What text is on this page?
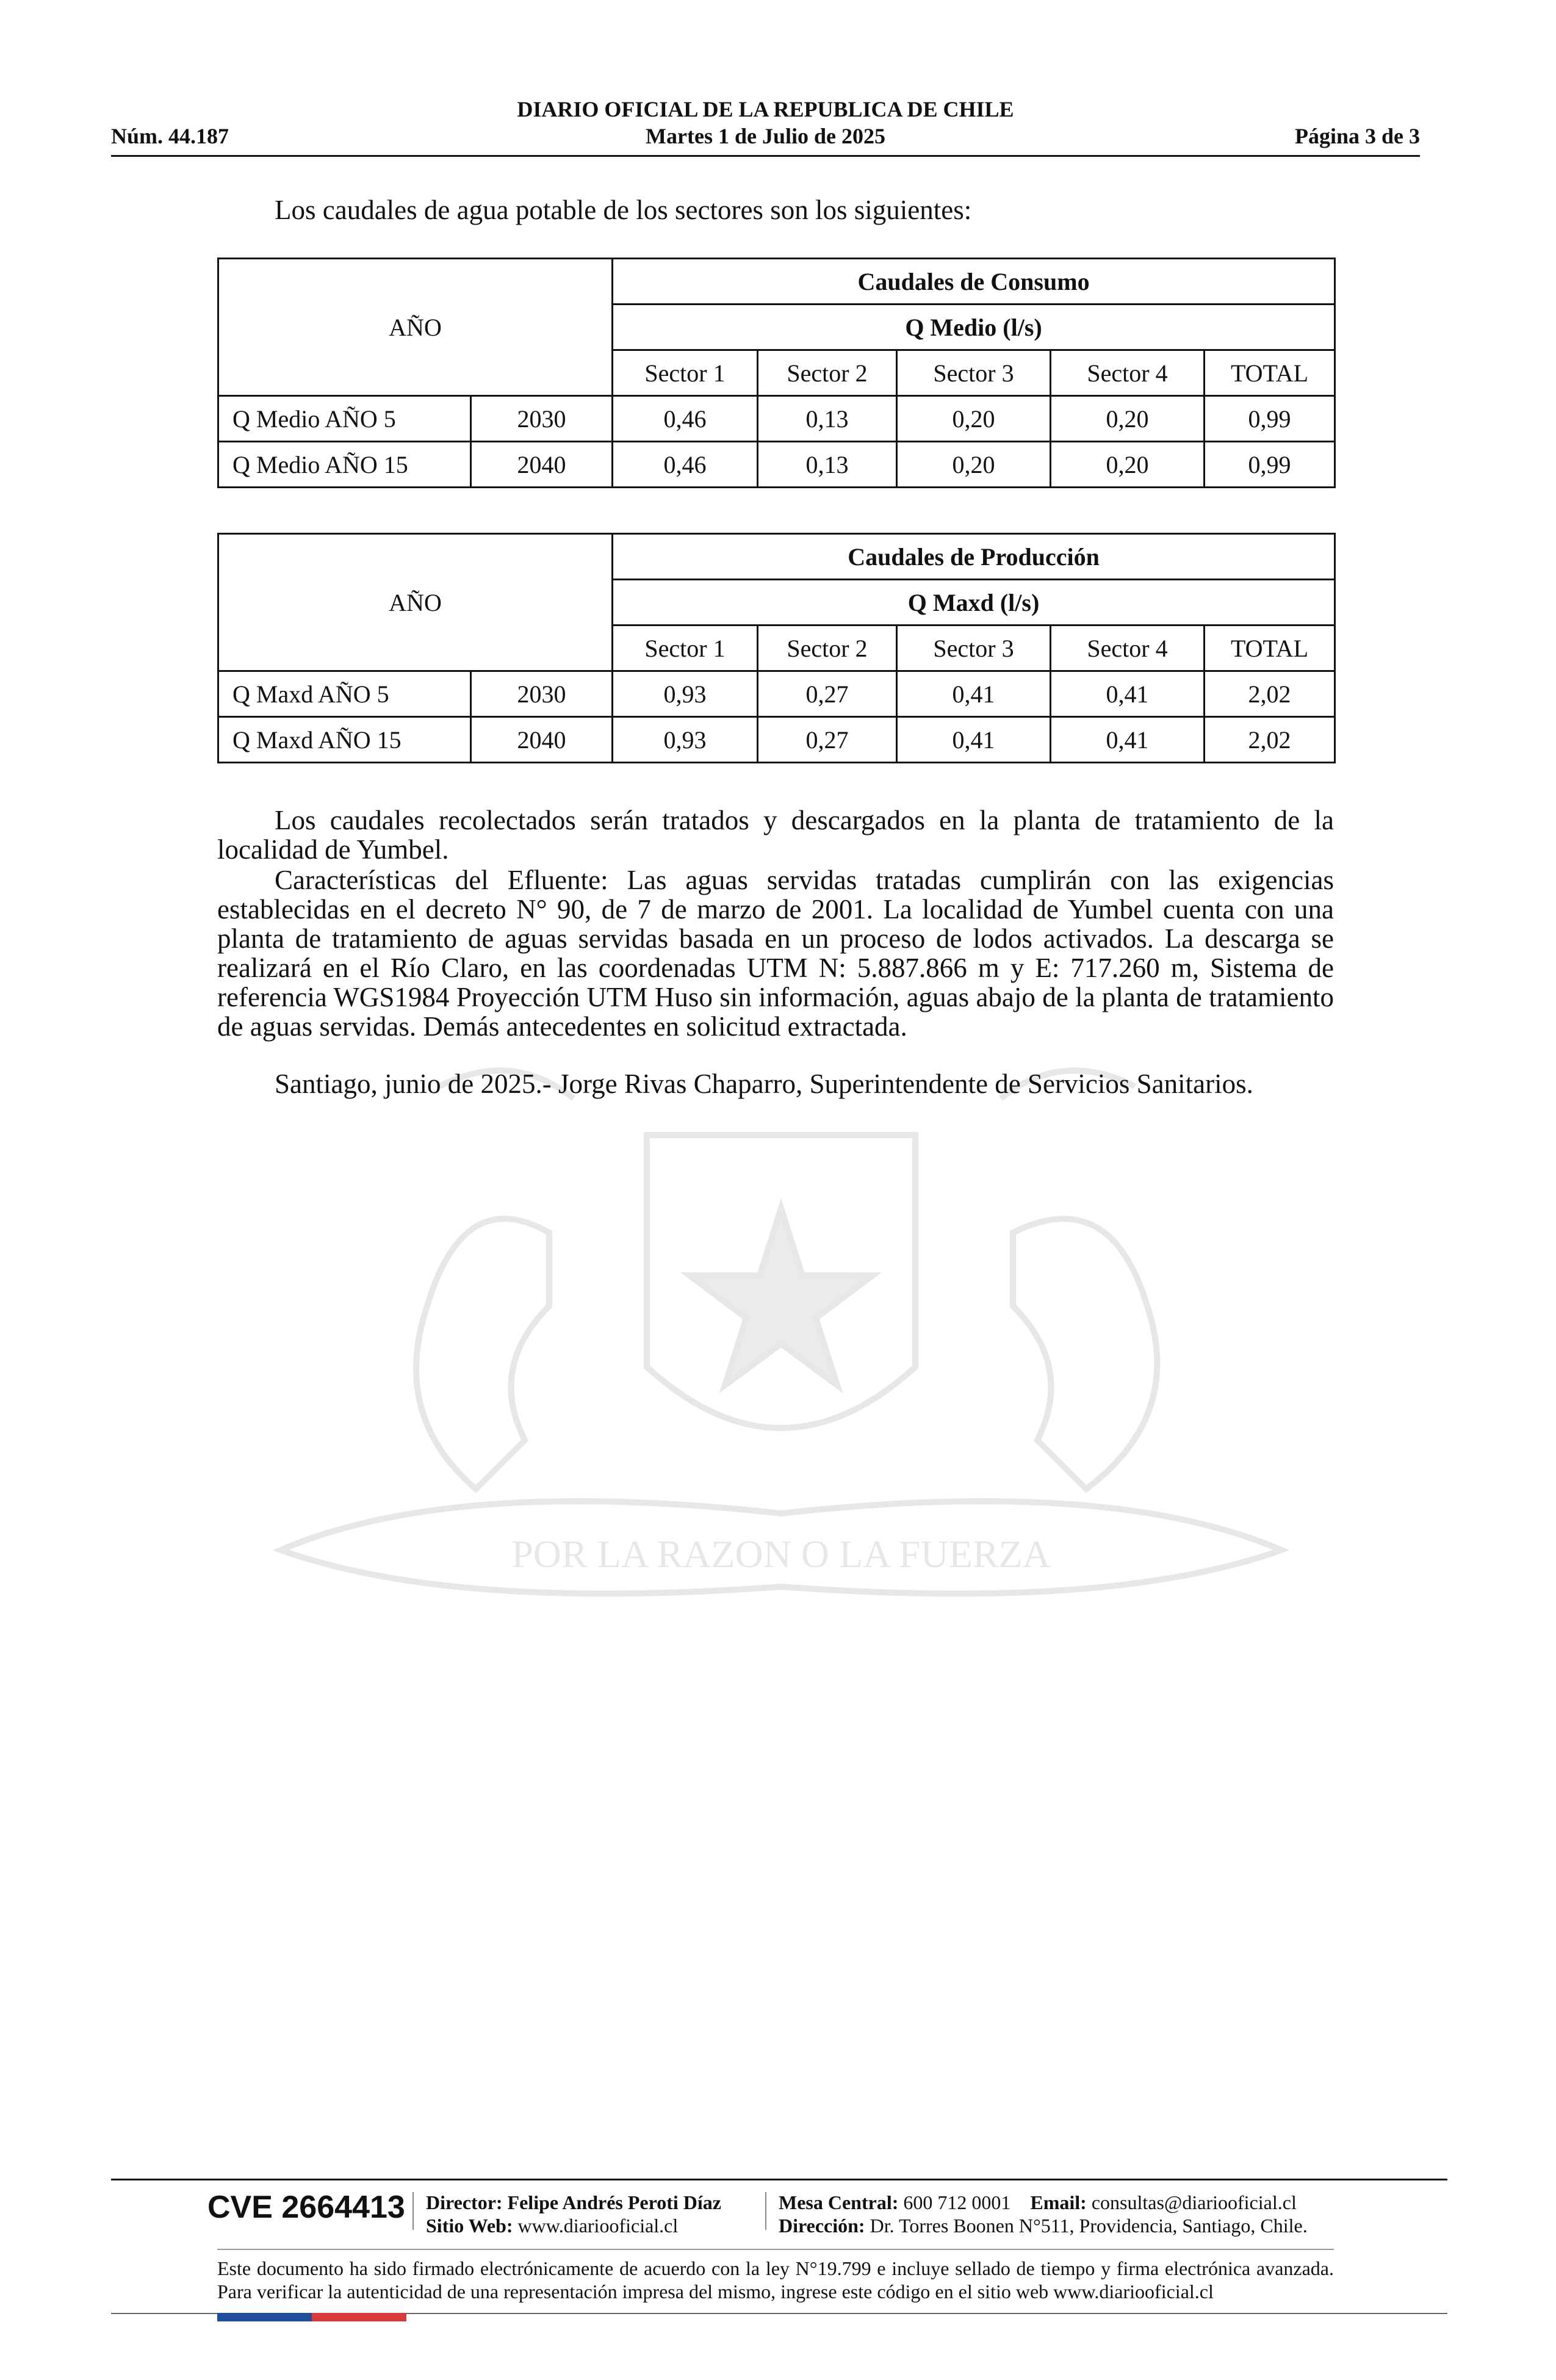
POR LA RAZON O LA FUERZA
DIARIO OFICIAL DE LA REPUBLICA DE CHILE
Núm. 44.187	Martes 1 de Julio de 2025	Página 3 de 3
Los caudales de agua potable de los sectores son los siguientes:
AÑO		Caudales de Consumo				
		Q Medio (l/s)				
		Sector 1	Sector 2	Sector 3	Sector 4	TOTAL
Q Medio AÑO 5	2030	0,46	0,13	0,20	0,20	0,99
Q Medio AÑO 15	2040	0,46	0,13	0,20	0,20	0,99
AÑO		Caudales de Producción				
		Q Maxd (l/s)				
		Sector 1	Sector 2	Sector 3	Sector 4	TOTAL
Q Maxd AÑO 5	2030	0,93	0,27	0,41	0,41	2,02
Q Maxd AÑO 15	2040	0,93	0,27	0,41	0,41	2,02
Los caudales recolectados serán tratados y descargados en la planta de tratamiento de la localidad de Yumbel.
Características del Efluente: Las aguas servidas tratadas cumplirán con las exigencias establecidas en el decreto N° 90, de 7 de marzo de 2001. La localidad de Yumbel cuenta con una planta de tratamiento de aguas servidas basada en un proceso de lodos activados. La descarga se realizará en el Río Claro, en las coordenadas UTM N: 5.887.866 m y E: 717.260 m, Sistema de referencia WGS1984 Proyección UTM Huso sin información, aguas abajo de la planta de tratamiento de aguas servidas. Demás antecedentes en solicitud extractada.
Santiago, junio de 2025.- Jorge Rivas Chaparro, Superintendente de Servicios Sanitarios.
CVE 2664413 Director: Felipe Andrés Peroti Díaz
Sitio Web: www.diariooficial.cl
Mesa Central: 600 712 0001 Email: consultas@diariooficial.cl
Dirección: Dr. Torres Boonen N°511, Providencia, Santiago, Chile.
Este documento ha sido firmado electrónicamente de acuerdo con la ley N°19.799 e incluye sellado de tiempo y firma electrónica avanzada. Para verificar la autenticidad de una representación impresa del mismo, ingrese este código en el sitio web www.diariooficial.cl
